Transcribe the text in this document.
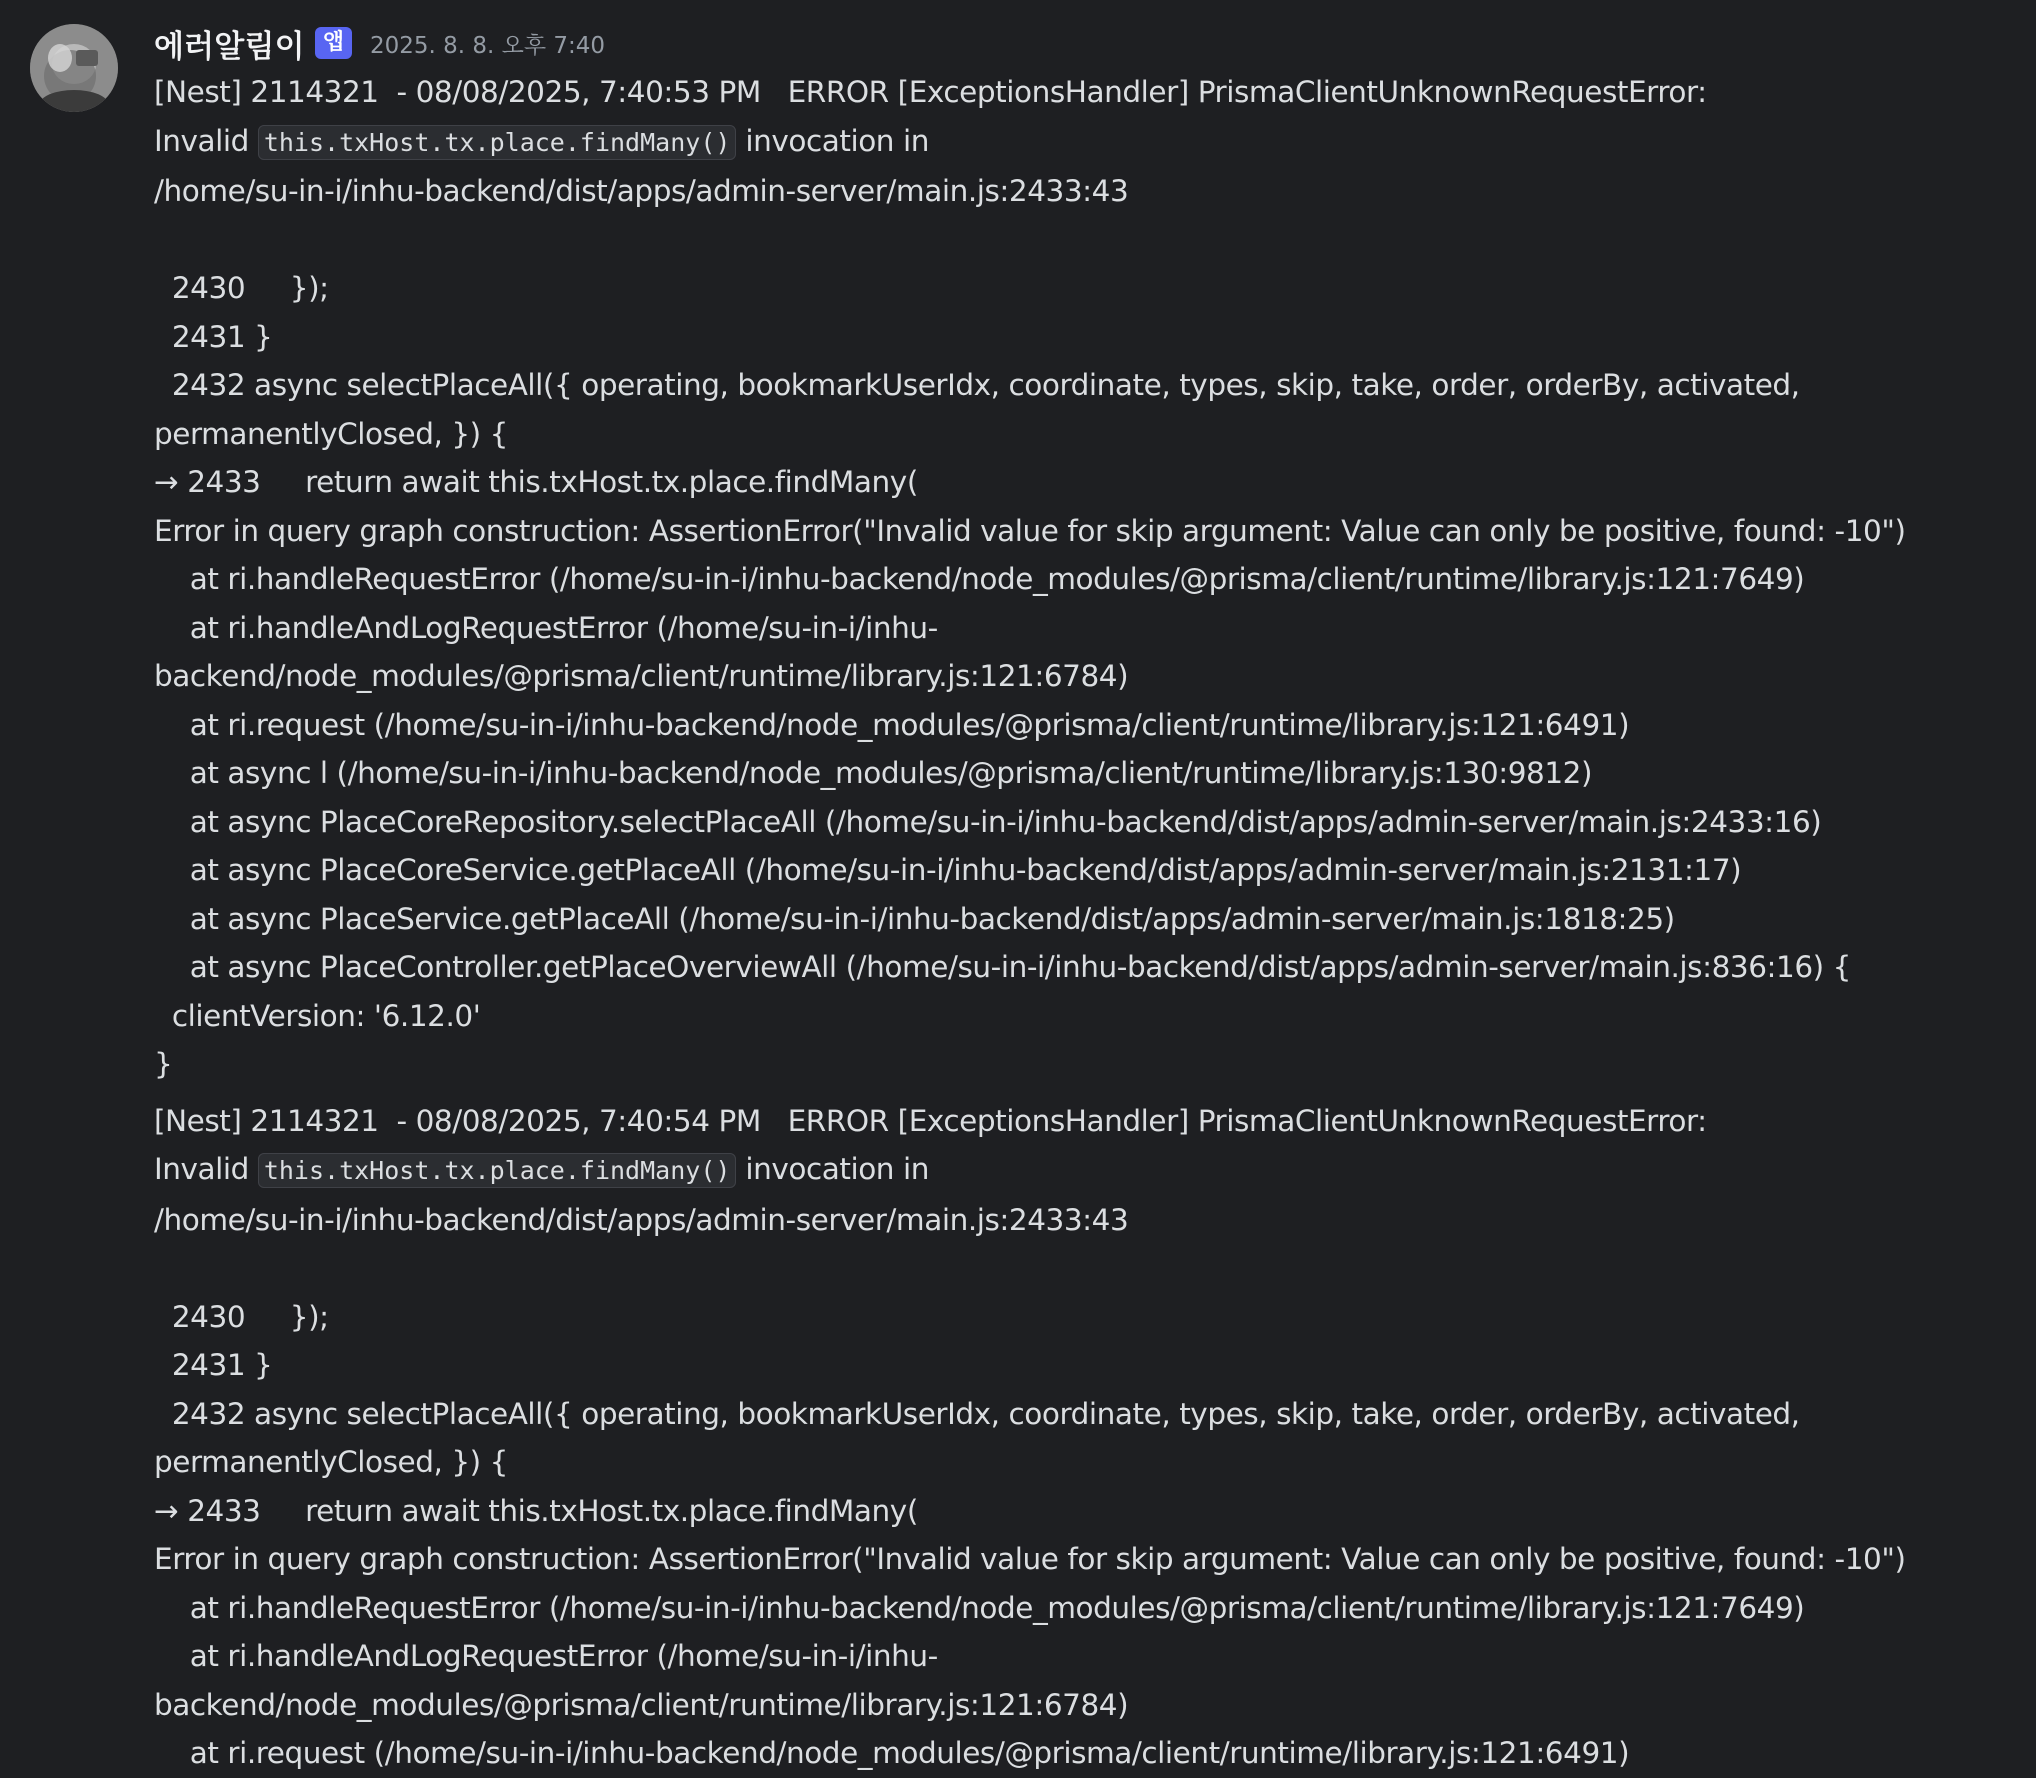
에러알림이 앱	2025. 8. 8. 오후 7:40
[Nest] 2114321  - 08/08/2025, 7:40:53 PM   ERROR [ExceptionsHandler] PrismaClientUnknownRequestError:
Invalid this.txHost.tx.place.findMany() invocation in
/home/su-in-i/inhu-backend/dist/apps/admin-server/main.js:2433:43

2430     });
2431 }
2432 async selectPlaceAll({ operating, bookmarkUserIdx, coordinate, types, skip, take, order, orderBy, activated, permanentlyClosed, }) {
→ 2433     return await this.txHost.tx.place.findMany(
Error in query graph construction: AssertionError("Invalid value for skip argument: Value can only be positive, found: -10")
at ri.handleRequestError (/home/su-in-i/inhu-backend/node_modules/@prisma/client/runtime/library.js:121:7649)
at ri.handleAndLogRequestError (/home/su-in-i/inhu-
backend/node_modules/@prisma/client/runtime/library.js:121:6784)
at ri.request (/home/su-in-i/inhu-backend/node_modules/@prisma/client/runtime/library.js:121:6491)
at async l (/home/su-in-i/inhu-backend/node_modules/@prisma/client/runtime/library.js:130:9812)
at async PlaceCoreRepository.selectPlaceAll (/home/su-in-i/inhu-backend/dist/apps/admin-server/main.js:2433:16)
at async PlaceCoreService.getPlaceAll (/home/su-in-i/inhu-backend/dist/apps/admin-server/main.js:2131:17)
at async PlaceService.getPlaceAll (/home/su-in-i/inhu-backend/dist/apps/admin-server/main.js:1818:25)
at async PlaceController.getPlaceOverviewAll (/home/su-in-i/inhu-backend/dist/apps/admin-server/main.js:836:16) {
clientVersion: '6.12.0'
}
[Nest] 2114321  - 08/08/2025, 7:40:54 PM   ERROR [ExceptionsHandler] PrismaClientUnknownRequestError:
Invalid this.txHost.tx.place.findMany() invocation in
/home/su-in-i/inhu-backend/dist/apps/admin-server/main.js:2433:43

2430     });
2431 }
2432 async selectPlaceAll({ operating, bookmarkUserIdx, coordinate, types, skip, take, order, orderBy, activated, permanentlyClosed, }) {
→ 2433     return await this.txHost.tx.place.findMany(
Error in query graph construction: AssertionError("Invalid value for skip argument: Value can only be positive, found: -10")
at ri.handleRequestError (/home/su-in-i/inhu-backend/node_modules/@prisma/client/runtime/library.js:121:7649)
at ri.handleAndLogRequestError (/home/su-in-i/inhu-
backend/node_modules/@prisma/client/runtime/library.js:121:6784)
at ri.request (/home/su-in-i/inhu-backend/node_modules/@prisma/client/runtime/library.js:121:6491)
